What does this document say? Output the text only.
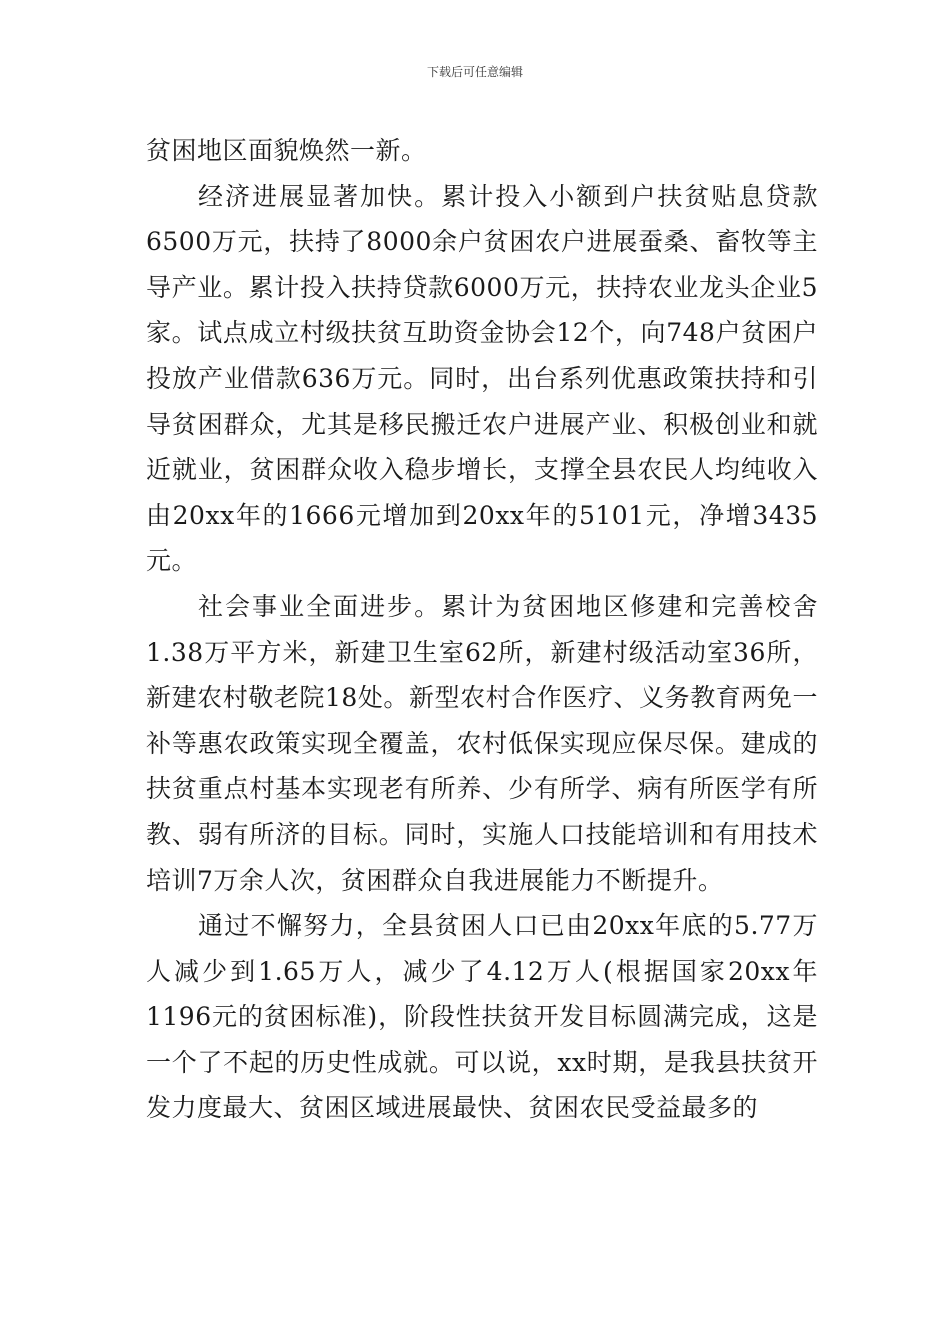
下载后可任意编辑

贫困地区面貌焕然一新。

经济进展显著加快。累计投入小额到户扶贫贴息贷款6500万元，扶持了8000余户贫困农户进展蚕桑、畜牧等主导产业。累计投入扶持贷款6000万元，扶持农业龙头企业5家。试点成立村级扶贫互助资金协会12个，向748户贫困户投放产业借款636万元。同时，出台系列优惠政策扶持和引导贫困群众，尤其是移民搬迁农户进展产业、积极创业和就近就业，贫困群众收入稳步增长，支撑全县农民人均纯收入由20xx年的1666元增加到20xx年的5101元，净增3435元。

社会事业全面进步。累计为贫困地区修建和完善校舍1.38万平方米，新建卫生室62所，新建村级活动室36所，新建农村敬老院18处。新型农村合作医疗、义务教育两免一补等惠农政策实现全覆盖，农村低保实现应保尽保。建成的扶贫重点村基本实现老有所养、少有所学、病有所医学有所教、弱有所济的目标。同时，实施人口技能培训和有用技术培训7万余人次，贫困群众自我进展能力不断提升。

通过不懈努力，全县贫困人口已由20xx年底的5.77万人减少到1.65万人，减少了4.12万人(根据国家20xx年1196元的贫困标准)，阶段性扶贫开发目标圆满完成，这是一个了不起的历史性成就。可以说，xx时期，是我县扶贫开发力度最大、贫困区域进展最快、贫困农民受益最多的
